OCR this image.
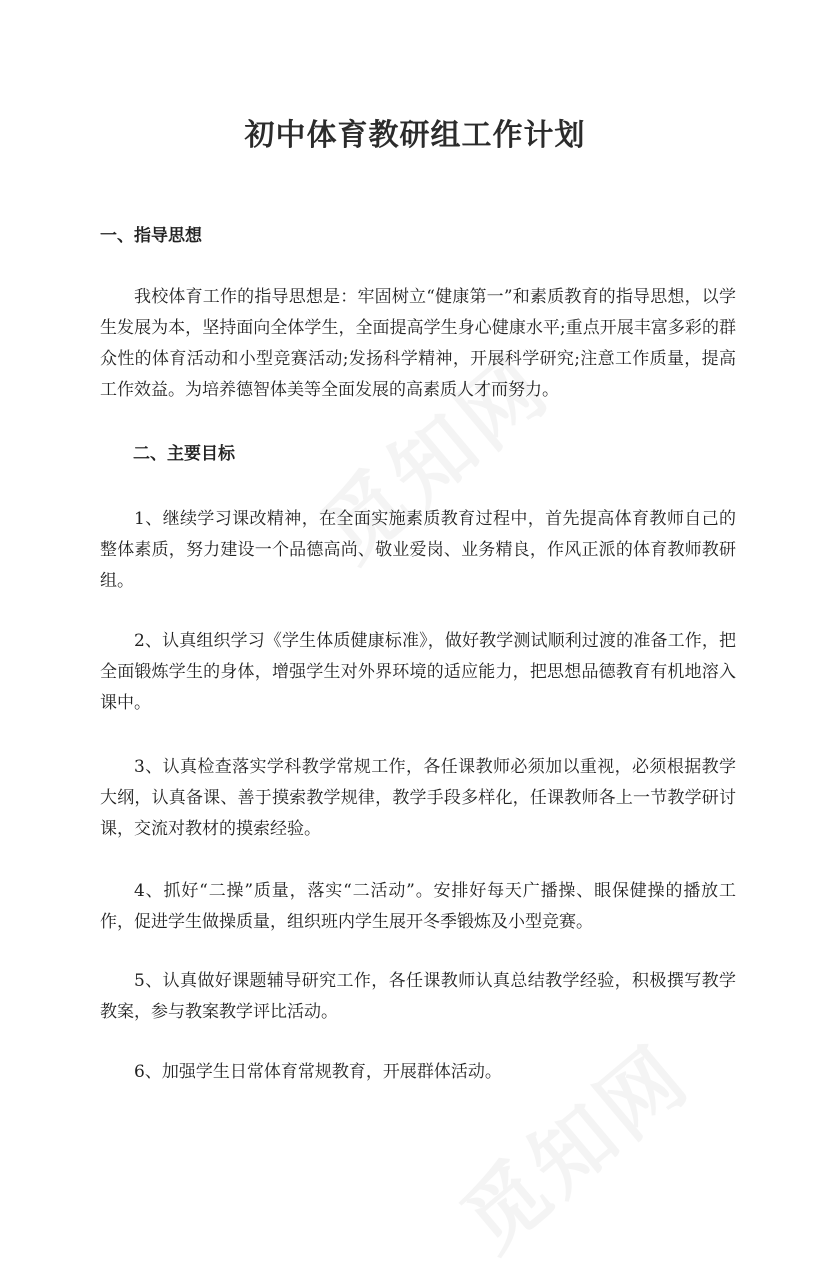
初中体育教研组工作计划
一、指导思想

我校体育工作的指导思想是：牢固树立“健康第一”和素质教育的指导思想，以学生发展为本，坚持面向全体学生，全面提高学生身心健康水平;重点开展丰富多彩的群众性的体育活动和小型竞赛活动;发扬科学精神，开展科学研究;注意工作质量，提高工作效益。为培养德智体美等全面发展的高素质人才而努力。

二、主要目标

1、继续学习课改精神，在全面实施素质教育过程中，首先提高体育教师自己的整体素质，努力建设一个品德高尚、敬业爱岗、业务精良，作风正派的体育教师教研组。

2、认真组织学习《学生体质健康标准》，做好教学测试顺利过渡的准备工作，把全面锻炼学生的身体，增强学生对外界环境的适应能力，把思想品德教育有机地溶入课中。

3、认真检查落实学科教学常规工作，各任课教师必须加以重视，必须根据教学大纲，认真备课、善于摸索教学规律，教学手段多样化，任课教师各上一节教学研讨课，交流对教材的摸索经验。

4、抓好“二操”质量，落实“二活动”。安排好每天广播操、眼保健操的播放工作，促进学生做操质量，组织班内学生展开冬季锻炼及小型竞赛。

5、认真做好课题辅导研究工作，各任课教师认真总结教学经验，积极撰写教学教案，参与教案教学评比活动。

6、加强学生日常体育常规教育，开展群体活动。
